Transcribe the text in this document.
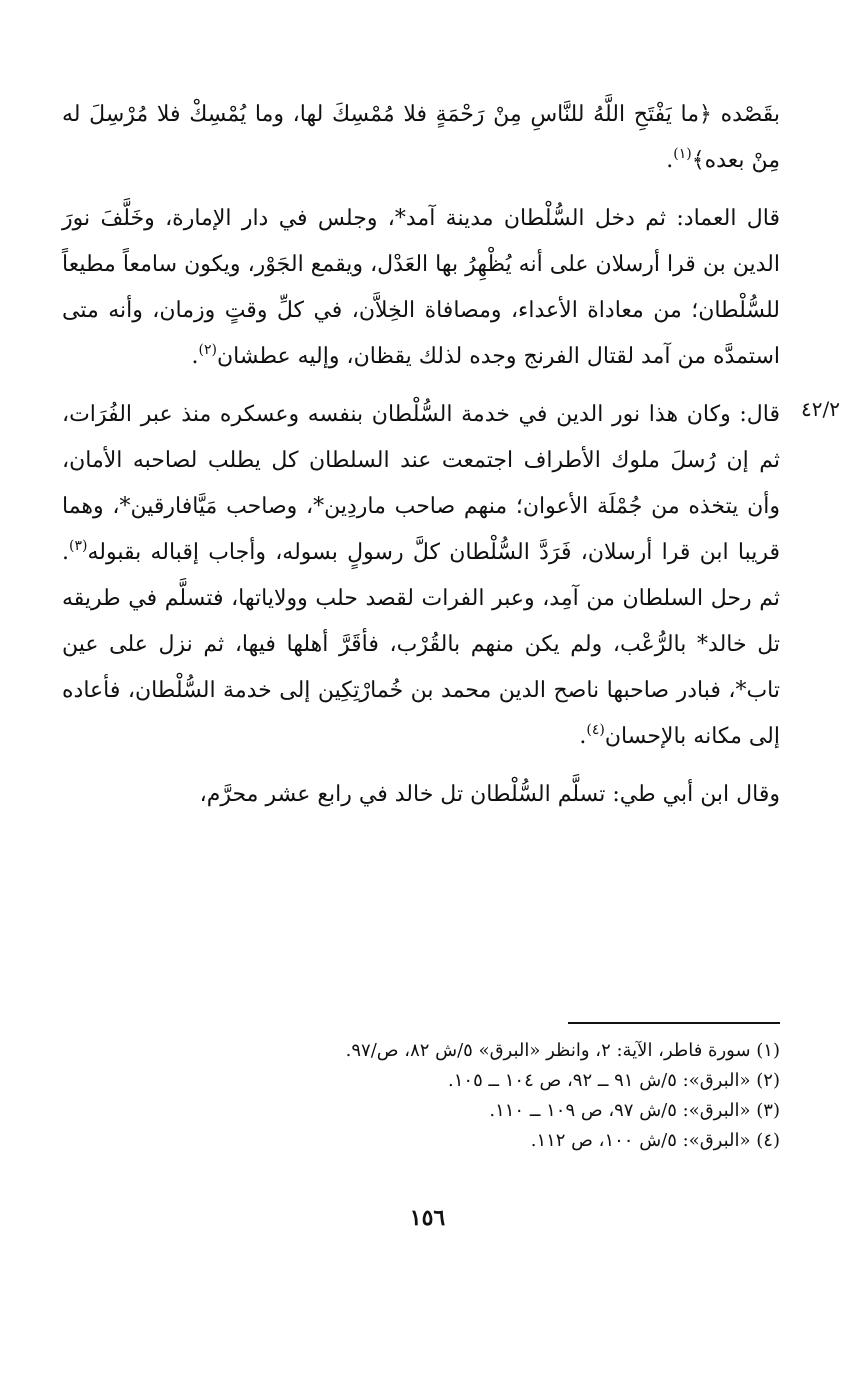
بقَصْده ﴿ما يَفْتَحِ اللَّهُ للنَّاسِ مِنْ رَحْمَةٍ فلا مُمْسِكَ لها، وما يُمْسِكْ فلا مُرْسِلَ له مِنْ بعده﴾$^{(١)}$.

قال العماد: ثم دخل السُّلْطان مدينة آمد*، وجلس في دار الإمارة، وخَلَّفَ نورَ الدين بن قرا أرسلان على أنه يُظْهِرُ بها العَدْل، ويقمع الجَوْر، ويكون سامعاً مطيعاً للسُّلْطان؛ من معاداة الأعداء، ومصافاة الخِلاَّن، في كلِّ وقتٍ وزمان، وأنه متى استمدَّه من آمد لقتال الفرنج وجده لذلك يقظان، وإليه عطشان$^{(٢)}$.

قال: وكان هذا نور الدين في خدمة السُّلْطان بنفسه وعسكره منذ عبر الفُرَات، ثم إن رُسلَ ملوك الأطراف اجتمعت عند السلطان كل يطلب لصاحبه الأمان، وأن يتخذه من جُمْلَة الأعوان؛ منهم صاحب ماردِين*، وصاحب مَيَّافارقين*، وهما قريبا ابن قرا أرسلان، فَرَدَّ السُّلْطان كلَّ رسولٍ بسوله، وأجاب إقباله بقبوله$^{(٣)}$. ثم رحل السلطان من آمِد، وعبر الفرات لقصد حلب وولاياتها، فتسلَّم في طريقه تل خالد* بالرُّعْب، ولم يكن منهم بالقُرْب، فأقَرَّ أهلها فيها، ثم نزل على عين تاب*، فبادر صاحبها ناصح الدين محمد بن خُمارْتِكِين إلى خدمة السُّلْطان، فأعاده إلى مكانه بالإحسان$^{(٤)}$.

وقال ابن أبي طي: تسلَّم السُّلْطان تل خالد في رابع عشر محرَّم،

٤٢/٢

(١) سورة فاطر، الآية: ٢، وانظر «البرق» ٥/ش ٨٢، ص/٩٧.

(٢) «البرق»: ٥/ش ٩١ ــ ٩٢، ص ١٠٤ ــ ١٠٥.

(٣) «البرق»: ٥/ش ٩٧، ص ١٠٩ ــ ١١٠.

(٤) «البرق»: ٥/ش ١٠٠، ص ١١٢.

١٥٦
